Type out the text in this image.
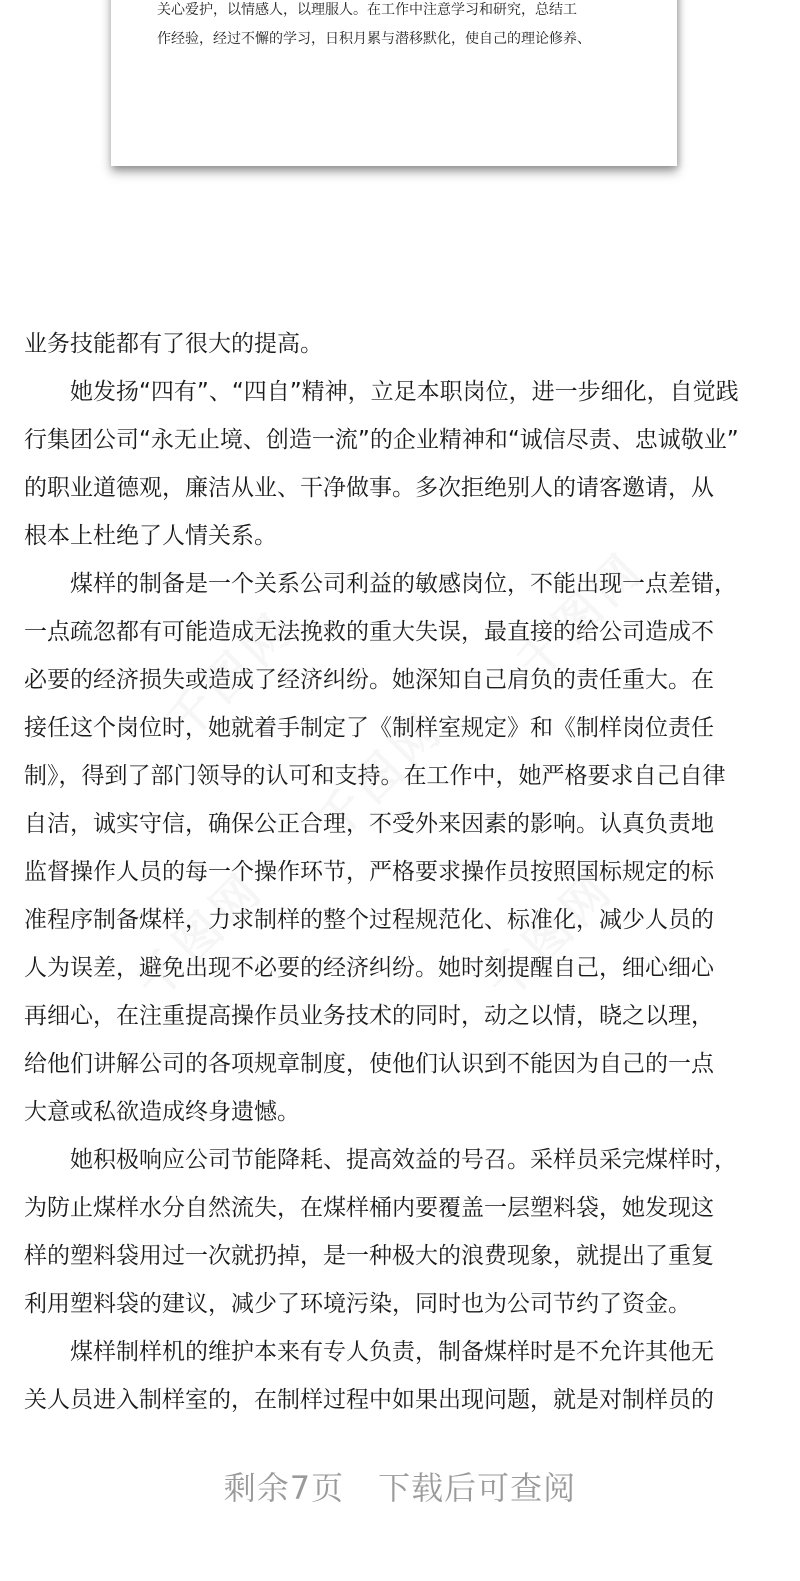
关心爱护，以情感人，以理服人。在工作中注意学习和研究，总结工
作经验，经过不懈的学习，日积月累与潜移默化，使自己的理论修养、
业务技能都有了很大的提高。
　　她发扬“四有”、“四自”精神，立足本职岗位，进一步细化，自觉践
行集团公司“永无止境、创造一流”的企业精神和“诚信尽责、忠诚敬业”
的职业道德观，廉洁从业、干净做事。多次拒绝别人的请客邀请，从
根本上杜绝了人情关系。
　　煤样的制备是一个关系公司利益的敏感岗位，不能出现一点差错，
一点疏忽都有可能造成无法挽救的重大失误，最直接的给公司造成不
必要的经济损失或造成了经济纠纷。她深知自己肩负的责任重大。在
接任这个岗位时，她就着手制定了《制样室规定》和《制样岗位责任
制》，得到了部门领导的认可和支持。在工作中，她严格要求自己自律
自洁，诚实守信，确保公正合理，不受外来因素的影响。认真负责地
监督操作人员的每一个操作环节，严格要求操作员按照国标规定的标
准程序制备煤样，力求制样的整个过程规范化、标准化，减少人员的
人为误差，避免出现不必要的经济纠纷。她时刻提醒自己，细心细心
再细心，在注重提高操作员业务技术的同时，动之以情，晓之以理，
给他们讲解公司的各项规章制度，使他们认识到不能因为自己的一点
大意或私欲造成终身遗憾。
　　她积极响应公司节能降耗、提高效益的号召。采样员采完煤样时，
为防止煤样水分自然流失，在煤样桶内要覆盖一层塑料袋，她发现这
样的塑料袋用过一次就扔掉，是一种极大的浪费现象，就提出了重复
利用塑料袋的建议，减少了环境污染，同时也为公司节约了资金。
　　煤样制样机的维护本来有专人负责，制备煤样时是不允许其他无
关人员进入制样室的，在制样过程中如果出现问题，就是对制样员的
剩余7页 下载后可查阅
